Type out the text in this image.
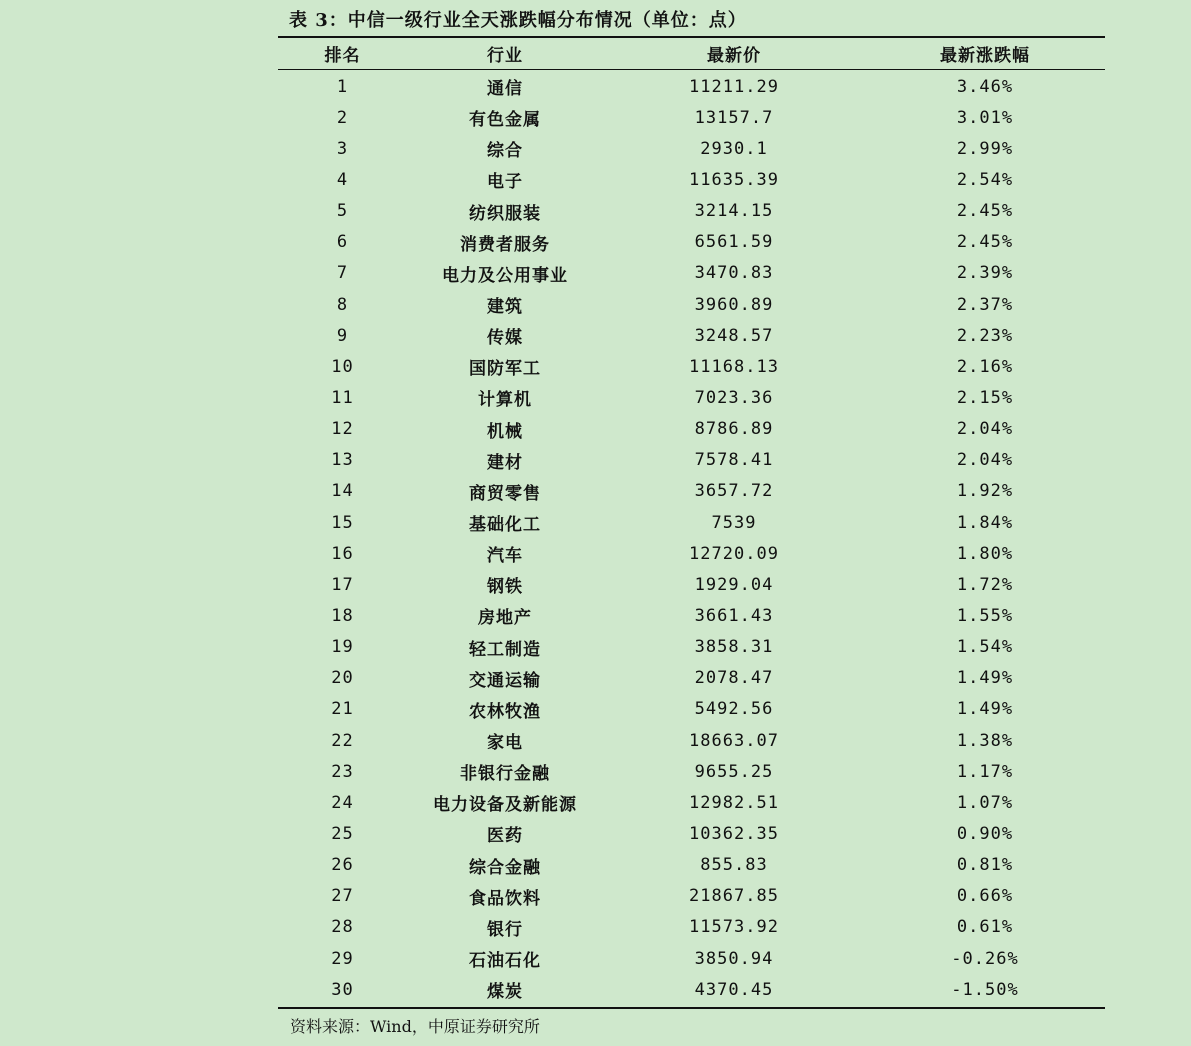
表 3：中信一级行业全天涨跌幅分布情况（单位：点）
排名	行业	最新价	最新涨跌幅
1	通信	11211.29	3.46%
2	有色金属	13157.7	3.01%
3	综合	2930.1	2.99%
4	电子	11635.39	2.54%
5	纺织服装	3214.15	2.45%
6	消费者服务	6561.59	2.45%
7	电力及公用事业	3470.83	2.39%
8	建筑	3960.89	2.37%
9	传媒	3248.57	2.23%
10	国防军工	11168.13	2.16%
11	计算机	7023.36	2.15%
12	机械	8786.89	2.04%
13	建材	7578.41	2.04%
14	商贸零售	3657.72	1.92%
15	基础化工	7539	1.84%
16	汽车	12720.09	1.80%
17	钢铁	1929.04	1.72%
18	房地产	3661.43	1.55%
19	轻工制造	3858.31	1.54%
20	交通运输	2078.47	1.49%
21	农林牧渔	5492.56	1.49%
22	家电	18663.07	1.38%
23	非银行金融	9655.25	1.17%
24	电力设备及新能源	12982.51	1.07%
25	医药	10362.35	0.90%
26	综合金融	855.83	0.81%
27	食品饮料	21867.85	0.66%
28	银行	11573.92	0.61%
29	石油石化	3850.94	-0.26%
30	煤炭	4370.45	-1.50%
资料来源：Wind，中原证券研究所
